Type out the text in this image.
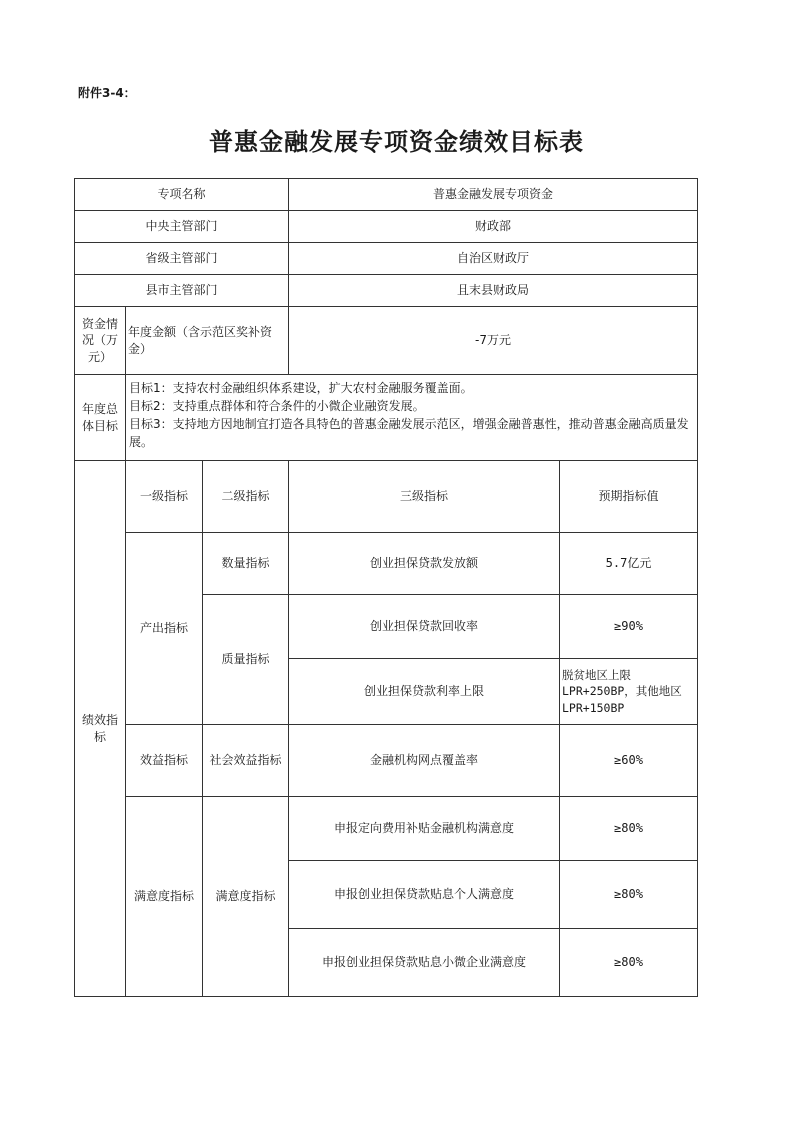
附件3-4：
普惠金融发展专项资金绩效目标表
专项名称			普惠金融发展专项资金	
中央主管部门			财政部	
省级主管部门			自治区财政厅	
县市主管部门			且末县财政局	
资金情况（万元）	年度金额（含示范区奖补资金）		-7万元	
年度总体目标	目标1：支持农村金融组织体系建设，扩大农村金融服务覆盖面。
目标2：支持重点群体和符合条件的小微企业融资发展。
目标3：支持地方因地制宜打造各具特色的普惠金融发展示范区，增强金融普惠性，推动普惠金融高质量发展。			

绩效指标	一级指标	二级指标	三级指标	预期指标值
	产出指标	数量指标	创业担保贷款发放额	5.7亿元
		质量指标	创业担保贷款回收率	≥90%
			创业担保贷款利率上限	脱贫地区上限
LPR+250BP，其他地区
LPR+150BP

	效益指标	社会效益指标	金融机构网点覆盖率	≥60%
	满意度指标	满意度指标	申报定向费用补贴金融机构满意度	≥80%
			申报创业担保贷款贴息个人满意度	≥80%
			申报创业担保贷款贴息小微企业满意度	≥80%
